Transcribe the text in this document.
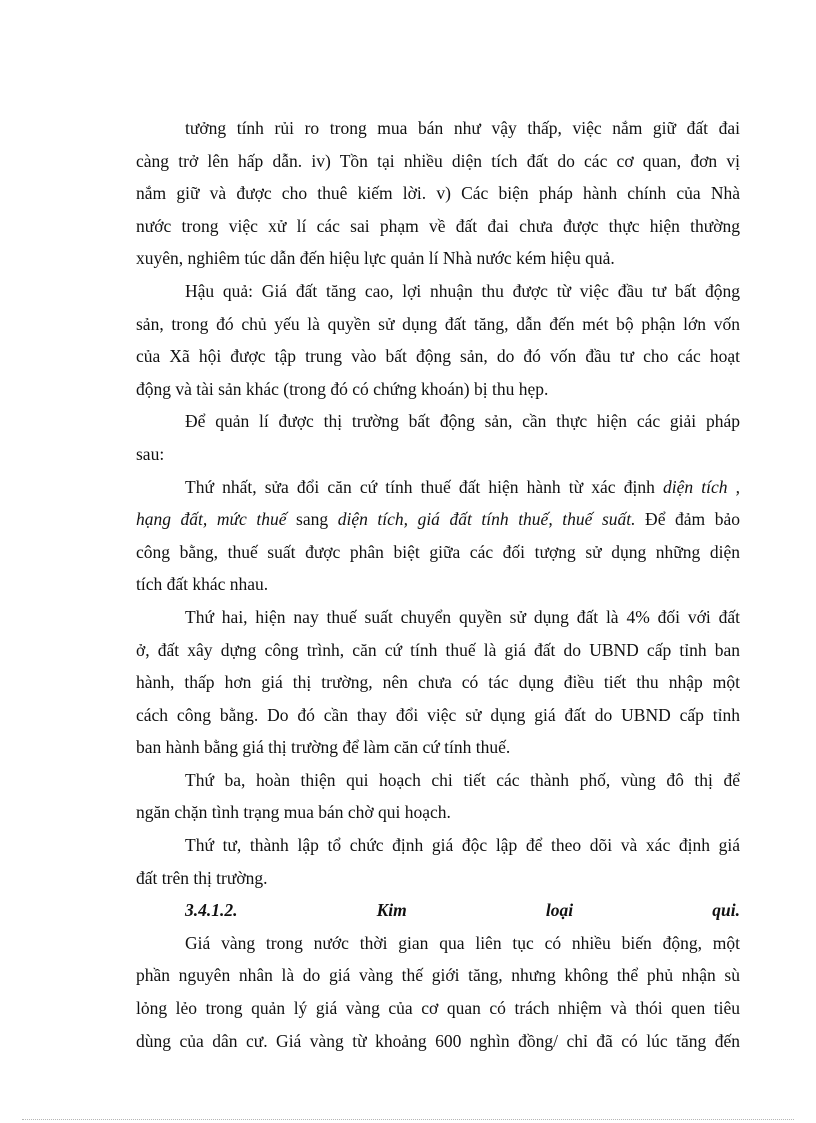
tưởng tính rủi ro trong mua bán như vậy thấp, việc nắm giữ đất đai
càng trở lên hấp dẫn. iv) Tồn tại nhiều diện tích đất do các cơ quan, đơn vị
nắm giữ và được cho thuê kiếm lời. v) Các biện pháp hành chính của Nhà
nước trong việc xử lí các sai phạm về đất đai chưa được thực hiện thường
xuyên, nghiêm túc dẫn đến hiệu lực quản lí Nhà nước kém hiệu quả.
Hậu quả: Giá đất tăng cao, lợi nhuận thu được từ việc đầu tư bất động
sản, trong đó chủ yếu là quyền sử dụng đất tăng, dẫn đến mét bộ phận lớn vốn
của Xã hội được tập trung vào bất động sản, do đó vốn đầu tư cho các hoạt
động và tài sản khác (trong đó có chứng khoán) bị thu hẹp.
Để quản lí được thị trường bất động sản, cần thực hiện các giải pháp
sau:
Thứ nhất, sửa đổi căn cứ tính thuế đất hiện hành từ xác định diện tích ,
hạng đất, mức thuế sang diện tích, giá đất tính thuế, thuế suất. Để đảm bảo
công bằng, thuế suất được phân biệt giữa các đối tượng sử dụng những diện
tích đất khác nhau.
Thứ hai, hiện nay thuế suất chuyển quyền sử dụng đất là 4% đối với đất
ở, đất xây dựng công trình, căn cứ tính thuế là giá đất do UBND cấp tỉnh ban
hành, thấp hơn giá thị trường, nên chưa có tác dụng điều tiết thu nhập một
cách công bằng. Do đó cần thay đổi việc sử dụng giá đất do UBND cấp tỉnh
ban hành bằng giá thị trường để làm căn cứ tính thuế.
Thứ ba, hoàn thiện qui hoạch chi tiết các thành phố, vùng đô thị để
ngăn chặn tình trạng mua bán chờ qui hoạch.
Thứ tư, thành lập tổ chức định giá độc lập để theo dõi và xác định giá
đất trên thị trường.
3.4.1.2. Kim loại qui.
Giá vàng trong nước thời gian qua liên tục có nhiều biến động, một
phần nguyên nhân là do giá vàng thế giới tăng, nhưng không thể phủ nhận sù
lỏng lẻo trong quản lý giá vàng của cơ quan có trách nhiệm và thói quen tiêu
dùng của dân cư. Giá vàng từ khoảng 600 nghìn đồng/ chỉ đã có lúc tăng đến
